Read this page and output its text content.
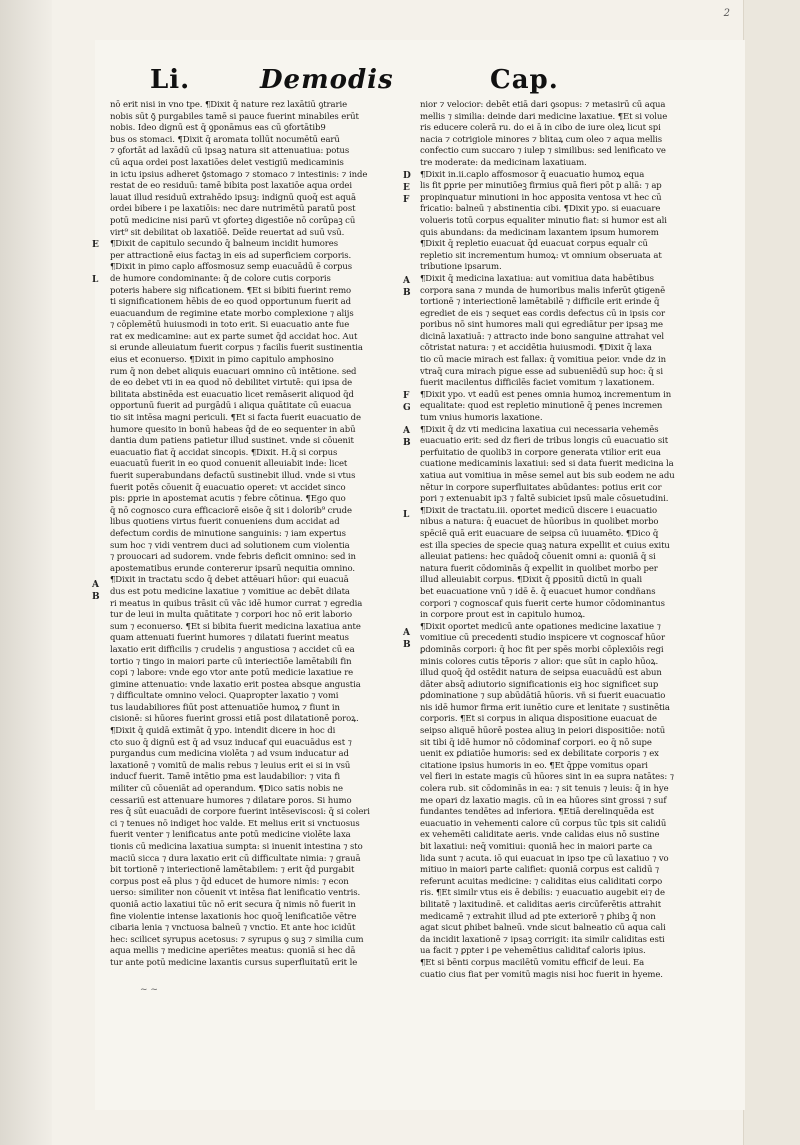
2
Li.	Demodis	Cap.
nō erit nisi in vno tpe. ¶Dixit q̄ nature rez laxātiū ꝯtrarie
nobis sūt ꝯ̄ purgabiles tamē si pauce fuerint minabiles erūt
nobis. Ideo dignū est q̄ ꝯponāmus eas cū ꝯfortātib9
bus os stomaci. ¶Dixit q̄ aromata tollūt nocumētū earū
⁊ ꝯfortāt ad laxādū cū ipsaꝫ natura sit attenuatiua: potus
cū aqua ordei post laxatiōes delet vestigiū medicaminis
in ictu ipsius adheret ꝯ̄stomago ⁊ stomaco ⁊ intestinis: ⁊ inde
restat de eo residuū: tamē bibita post laxatiōe aqua ordei
lauat illud residuū extrahēdo ipsuꝫ: indignū quoq̄ est aquā
ordei bibere i pe laxatiōis: nec dare nutrimētū paratū post
potū medicine nisi parū vt ꝯforteꝫ digestiōe nō corūpaꝫ cū
virt⁹ sit debilitat ob laxatiōē. Deīde reuertat ad suū vsū.
¶Dixit de capitulo secundo q̄ balneum incidit humores
per attractionē eius factaꝫ in eis ad superficiem corporis.
¶Dixit in pimo caplo affosmosuz semp euacuādū ē corpus
de humore condominante: q̄ de colore cutis corporis
poteris habere sig nificationem. ¶Et si bibiti fuerint remo
ti significationem hēbis de eo quod opportunum fuerit ad
euacuandum de regimine etate morbo complexione ⁊ alijs
⁊ cōplemētū huiusmodi in toto erit. Si euacuatio ante fue
rat ex medicamine: aut ex parte sumet q̄d accidat hoc. Aut
si erunde alleuiatum fuerit corpus ⁊ facilis fuerit sustinentia
eius et econuerso. ¶Dixit in pimo capitulo amphosino
rum q̄ non debet aliquis euacuari omnino cū intētione. sed
de eo debet vti in ea quod nō debilitet virtutē: qui ipsa de
bilitata abstinēda est euacuatio licet remāserit aliquod q̄d
opportunū fuerit ad purgādū i aliqua quātitate cū euacua
tio sit intēsa magni periculi. ¶Et si facta fuerit euacuatio de
humore quesito in bonū habeas q̄d de eo sequenter in abū
dantia dum patiens patietur illud sustinet. vnde si cōuenit
euacuatio fiat q̄ accidat sincopis. ¶Dixit. H.q̄ si corpus
euacuatū fuerit in eo quod conuenit alleuiabit inde: licet
fuerit superabundans defactū sustinebit illud. vnde si vtus
fuerit potēs cōuenit q̄ euacuatio operet: vt accidet sinco
pis: ꝑprie in apostemat̄ acutis ⁊ febre cōtinua. ¶Ego quo
q̄ nō cognosco cura efficaciorē eisōe q̄ sit i dolorib⁹ crude
libus quotiens virtus fuerit conueniens dum accidat ad
defectum cordis de minutione sanguinis: ⁊ iam expertus
sum hoc ⁊ vidi ventrem duci ad solutionem cum violentia
⁊ prouocari ad sudorem. vnde febris deficit omnino: sed in
apostematibus erunde contererur ipsarū nequitia omnino.
¶Dixit in tractatu scdo q̄ debet attēuari hūor: qui euacuā
dus est potu medicine laxatiue ⁊ vomitiue ac debēt dilata
ri meatus in quibus trāsit cū vāc idē humor currat ⁊ egredia
tur de leui in multa quātitate ⁊ corpori hoc nō erit laborio
sum ⁊ econuerso. ¶Et si bibita fuerit medicina laxatiua ante
quam attenuati fuerint humores ⁊ dilatati fuerint meatus
laxatio erit difficilis ⁊ crudelis ⁊ angustiosa ⁊ accidet cū ea
tortio ⁊ tingo in maiori parte cū interiectiōe lamētabili fin
copi ⁊ labore: vnde ego vtor ante potū medicie laxatiue re
gimine attenuatio: vnde laxatio erit postea absque angustia
⁊ difficultate omnino veloci. Quapropter laxatio ⁊ vomi
tus laudabiliores fiūt post attenuatiōe humoꝝ ⁊ fiunt in
cisionē: si hūores fuerint grossi etiā post dilatationē poroꝝ.
¶Dixit q̄ quidā extimāt q̄ ypo. intendit dicere in hoc di
cto suo q̄ dignū est q̄ ad vsuz inducaf qui euacuādus est ⁊
purgandus cum medicina violēta ⁊ ad vsum inducatur ad
laxationē ⁊ vomitū de malis rebus ⁊ leuius erit ei si in vsū
inducf fuerit. Tamē intētio pma est laudabilior: ⁊ vita fi
militer cū cōueniāt ad operandum. ¶Dico satis nobis ne
cessariū est attenuare humores ⁊ dilatare poros. Si humo
res q̄ sūt euacuādi de corpore fuerint intēseviscosi: q̄ si coleri
ci ⁊ tenues nō indiget hoc valde. Et melius erit si vnctuosus
fuerit venter ⁊ lenificatus ante potū medicine violēte laxa
tionis cū medicina laxatiua sumpta: si inuenit intestina ⁊ sto
maciū sicca ⁊ dura laxatio erit cū difficultate nimia: ⁊ grauā
bit tortionē ⁊ interiectionē lamētabilem: ⁊ erit q̄d purgabit
corpus post eā plus ⁊ q̄d educet de humore nimis: ⁊ econ
uerso: similiter non cōuenit vt intēsa fiat lenificatio ventris.
quoniā actio laxatiui tūc nō erit secura q̄ nimis nō fuerit in
fine violentie intense laxationis hoc quoq̄ lenificatiōe vētre
cibaria lenia ⁊ vnctuosa balneū ⁊ vnctio. Et ante hoc icidūt
hec: scilicet syrupus acetosus: ⁊ syrupus ꝯ suꝫ ⁊ similia cum
aqua mellis ⁊ medicine aperiētes meatus: quoniā si hec dā
tur ante potū medicine laxantis cursus superfluitatū erit le
nior ⁊ velocior: debēt etiā dari ꝯsopus: ⁊ metasirū cū aqua
mellis ⁊ similia: deinde dari medicine laxatiue. ¶Et si volue
ris educere colerā ru. do ei ā in cibo de iure oleꝝ licut spi
nacia ⁊ cotrigiole minores ⁊ blitaꝝ cum oleo ⁊ aqua mellis
confectio cum succaro ⁊ iulep ⁊ similibus: sed lenificato ve
tre moderate: da medicinam laxatiuam.
¶Dixit in.ii.caplo affosmosor q̄ euacuatio humoꝝ equa
lis fit ꝑprie per minutiōeꝫ firmius quā fieri pōt p aliā: ⁊ ap
propinquatur minutioni in hoc apposita ventosa vt hec cū
fricatio: balneū ⁊ abstinentia cibi. ¶Dixit ypo. si euacuare
volueris totū corpus equaliter minutio fiat: si humor est ali
quis abundans: da medicinam laxantem ipsum humorem
¶Dixit q̄ repletio euacuat q̄d euacuat corpus equalr cū
repletio sit incrementum humoꝝ: vt omnium obseruata at
tributione ipsarum.
¶Dixit q̄ medicina laxatiua: aut vomitiua data habētibus
corpora sana ⁊ munda de humoribus malis inferūt ꝯtigenē
tortionē ⁊ interiectionē lamētabilē ⁊ difficile erit erinde q̄
egrediet de eis ⁊ sequet eas cordis defectus cū in ipsis cor
poribus nō sint humores mali qui egrediātur per ipsaꝫ me
dicinā laxatiuā: ⁊ attracto inde bono sanguine attrahat vel
cōtristat natura: ⁊ et accidētia huiusmodi. ¶Dixit q̄ laxa
tio cū macie mirach est fallax: q̄ vomitiua peior. vnde d̄z in
vtraq̄ cura mirach pigue esse ad subueniēdū sup hoc: q̄ si
fuerit macilentus difficilēs faciet vomitum ⁊ laxationem.
¶Dixit ypo. vt eadū est penes omnia humoꝝ incrementum in
equalitate: quod est repletio minutionē q̄ penes incremen
tum vnius humoris laxatione.
¶Dixit q̄ d̄z vti medicina laxatiua cui necessaria vehemēs
euacuatio erit: sed d̄z fieri de tribus longis cū euacuatio sit
perfuitatio de quolib3 in corpore generata vtilior erit eua
cuatione medicaminis laxatiui: sed si data fuerit medicina la
xatiua aut vomitiua in mēse semel aut bis sub eodem ne adu
nētur in corpore superfluitates abūdantes: potius erit cor
pori ⁊ extenuabit ip3 ⁊ faltē subiciet ipsū male cōsuetudini.
¶Dixit de tractatu.iii. oportet medicū discere i euacuatio
nibus a natura: q̄ euacuet de hūoribus in quolibet morbo
spēciē quā erit euacuare de seipsa cū iuuamēto. ¶Dico q̄
est illa species de specie quaꝫ natura expellit et cuius exitu
alleuiat patiens: hec quādoq̄ cōuenit omni a: quoniā q̄ si
natura fuerit cōdominās q̄ expellit in quolibet morbo per
illud alleuiabit corpus. ¶Dixit q̄ ꝑpositū dictū in quali
bet euacuatione vnū ⁊ idē ē. q̄ euacuet humor condñans
corpori ⁊ cognoscaf quis fuerit certe humor cōdominantus
in corpore prout est in capitulo humoꝝ.
¶Dixit oportet medicū ante oꝑationes medicine laxatiue ⁊
vomitiue cū precedenti studio inspicere vt cognoscaf hūor
ꝑdominās corpori: q̄ hoc fit per spēs morbi cōplexiōis regi
minis colores cutis tēporis ⁊ alior: que sūt in capl̄o hūoꝝ.
illud quoq̄ q̄d ostēdit natura de seipsa euacuādū est abun
dāter absq̄ adiutorio significationis eiꝫ hoc significet sup
ꝑdominatione ⁊ sup abūdātiā hūoris. vñ si fuerit euacuatio
nis idē humor firma erit iunētio cure et lenitate ⁊ sustinētia
corporis. ¶Et si corpus in aliqua dispositione euacuat de
seipso aliquē hūorē postea aliuꝫ in peiori dispositiōe: notū
sit tibi q̄ idē humor nō cōdominaf corpori. eo q̄ nō supe
uenit ex ꝑdiatiōe humoris: sed ex debilitate corporis ⁊ ex
citatione ipsius humoris in eo. ¶Et q̄ppe vomitus opari
vel fieri in estate magis cū hūores sint in ea supra natātes: ⁊
colera rub. sit cōdominās in ea: ⁊ sit tenuis ⁊ leuis: q̄ in hye
me opari d̄z laxatio magis. cū in ea hūores sint grossi ⁊ suf
fundantes tendētes ad inferiora. ¶Etiā derelinquēda est
euacuatio in vehementi calore cū corpus tūc tpis sit calidū
ex vehemēti caliditate aeris. vnde calidas eius nō sustine
bit laxatiui: neq̄ vomitiui: quoniā hec in maiori parte ca
lida sunt ⁊ acuta. iō qui euacuat in ipso tpe cū laxatiuo ⁊ vo
mitiuo in maiori parte califiet: quoniā corpus est calidū ⁊
referunt acuitas medicine: ⁊ caliditas eius caliditati corpo
ris. ¶Et similr vtus eis ē debilis: ⁊ euacuatio augebit ei⁊ de
bilitatē ⁊ laxitudinē. et caliditas aeris circūferētis attrahit
medicamē ⁊ extrahit illud ad pte exteriorē ⁊ ꝑhibꝫ q̄ non
agat sicut ꝑhibet balneū. vnde sicut balneatio cū aqua cali
da incidit laxationē ⁊ ipsaꝫ corrigit: ita similr caliditas esti
ua facit ⁊ ꝑpter i ꝑe vehemētius caliditaf caloris ipius.
¶Et si bēnti corpus macilētū vomitu efficif de leui. Ea
cuatio cius fiat per vomitū magis nisi hoc fuerit in hyeme.
E
L
A
B
D
E
F
A
B
F
G
A
B
L
A
B
~ ~
